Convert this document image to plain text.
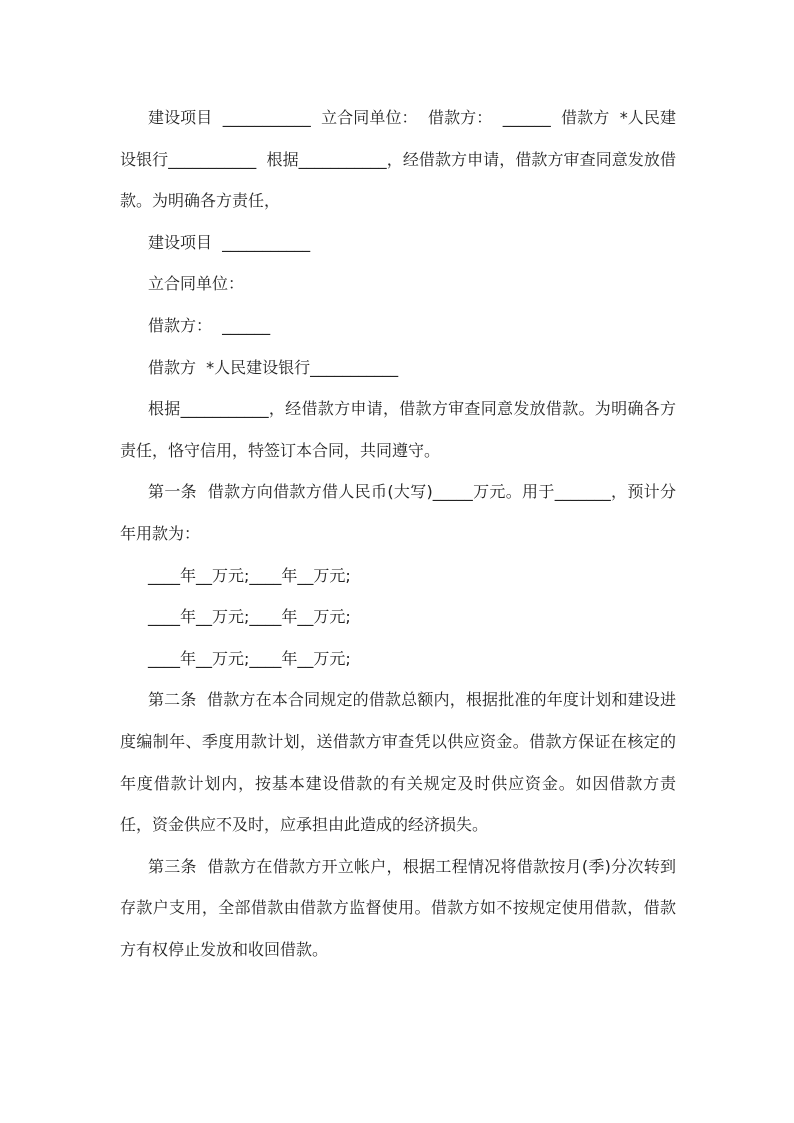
建设项目  ___________  立合同单位：  借款方：  ______  借款方  *人民建设银行___________  根据___________，经借款方申请，借款方审查同意发放借款。为明确各方责任，

建设项目  ___________

立合同单位：

借款方：  ______

借款方  *人民建设银行___________

根据___________，经借款方申请，借款方审查同意发放借款。为明确各方责任，恪守信用，特签订本合同，共同遵守。

第一条  借款方向借款方借人民币(大写)_____万元。用于_______，预计分年用款为：

____年__万元;____年__万元;

____年__万元;____年__万元;

____年__万元;____年__万元;

第二条  借款方在本合同规定的借款总额内，根据批准的年度计划和建设进度编制年、季度用款计划，送借款方审查凭以供应资金。借款方保证在核定的年度借款计划内，按基本建设借款的有关规定及时供应资金。如因借款方责任，资金供应不及时，应承担由此造成的经济损失。

第三条  借款方在借款方开立帐户，根据工程情况将借款按月(季)分次转到存款户支用，全部借款由借款方监督使用。借款方如不按规定使用借款，借款方有权停止发放和收回借款。
